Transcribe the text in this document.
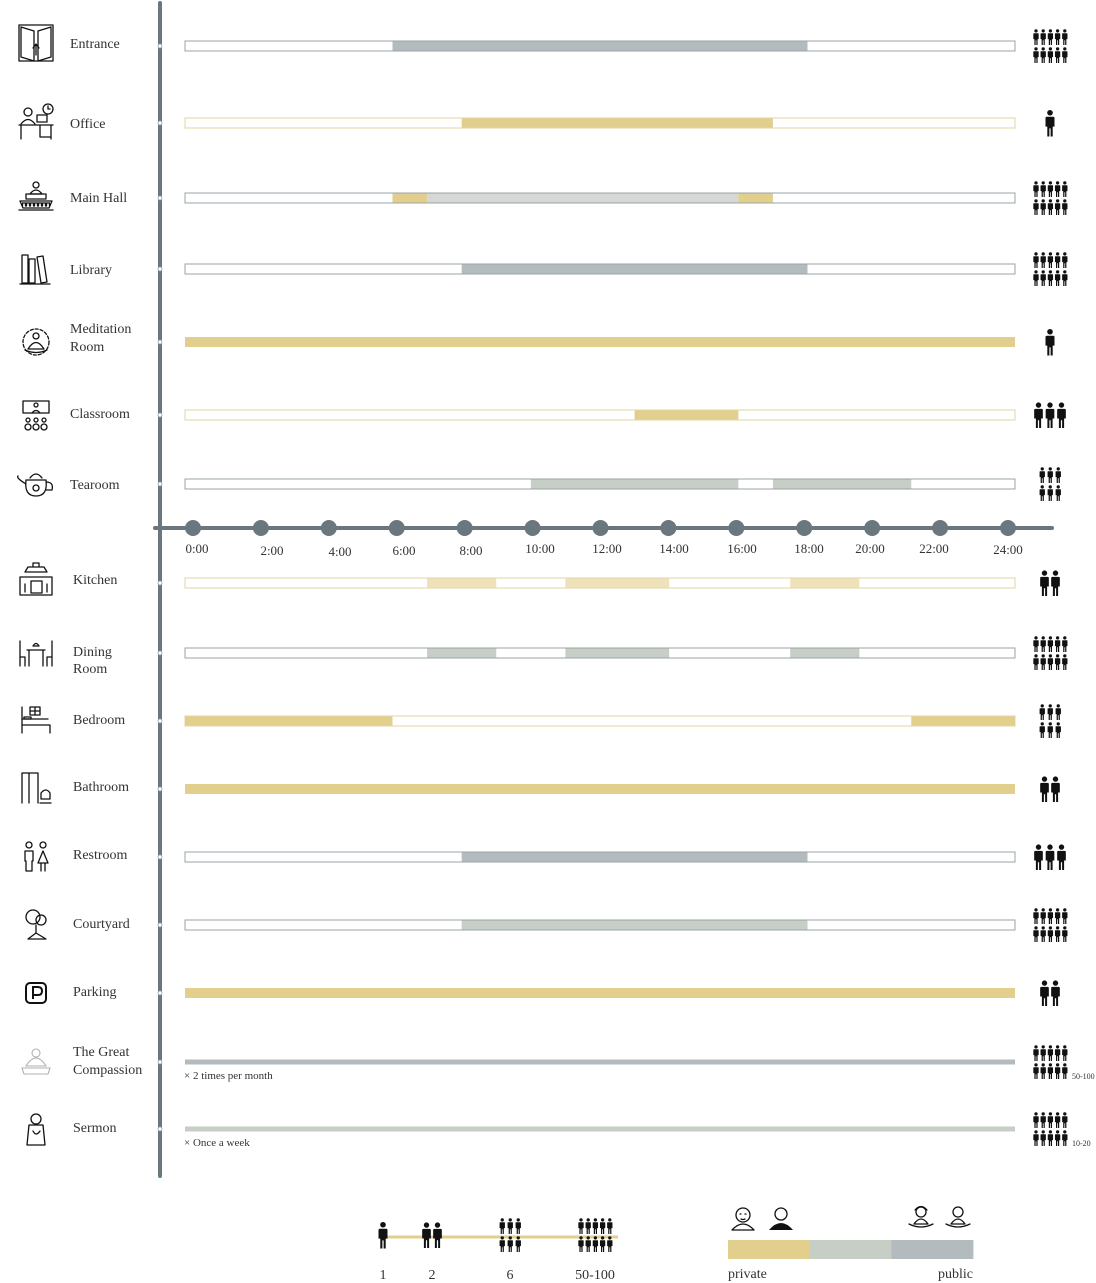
Entrance
Office
Main Hall
Library
Meditation
Room
Classroom
Tearoom
Kitchen
Dining
Room
Bedroom
Bathroom
Restroom
Courtyard
Parking
The Great
Compassion	× 2 times per month	50-100
Sermon
× Once a week	10-20
0:00	2:00	4:00	6:00	8:00	10:00	12:00	14:00	16:00	18:00 20:00	22:00	24:00
1	2	6	50-100	private	public
